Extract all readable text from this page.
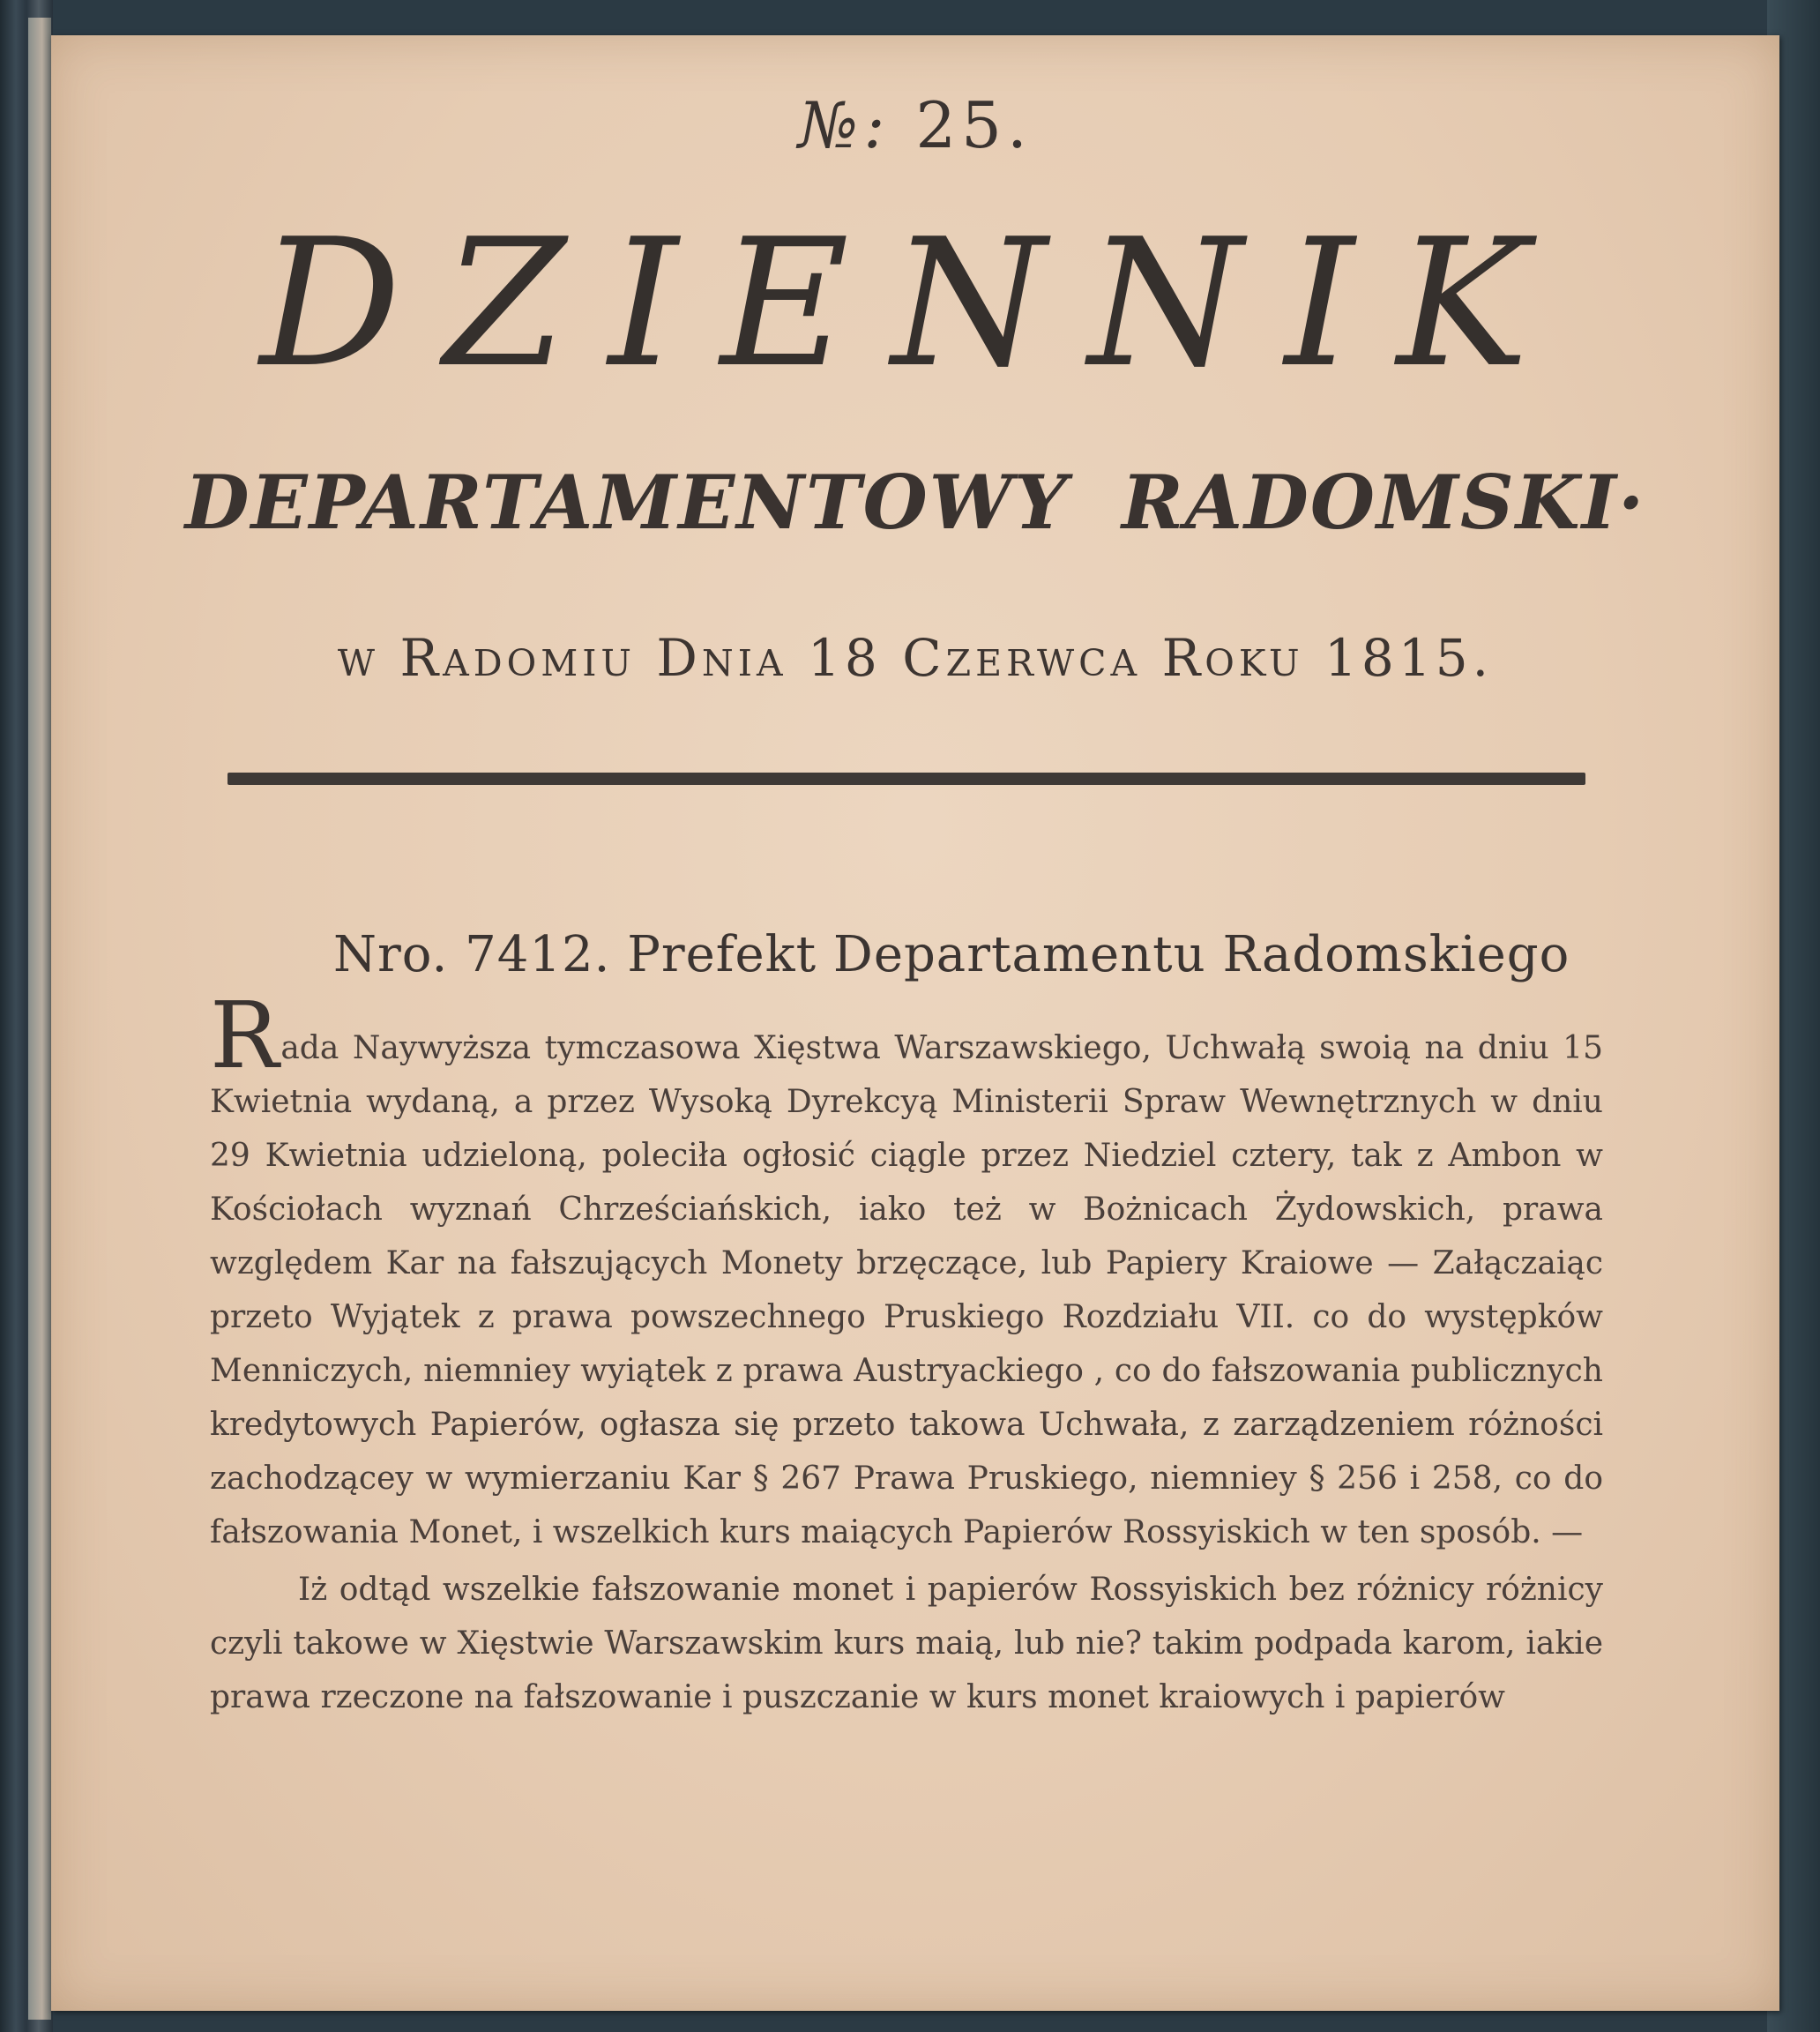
№: 25.
DZIENNIK
DEPARTAMENTOWY RADOMSKI·
w Radomiu Dnia 18 Czerwca Roku 1815.
Nro. 7412. Prefekt Departamentu Radomskiego

Rada Naywyższa tymczasowa Xięstwa Warszawskiego, Uchwałą swoią na dniu 15 Kwietnia wydaną, a przez Wysoką Dyrekcyą Ministerii Spraw Wewnętrznych w dniu 29 Kwietnia udzieloną, poleciła ogłosić ciągle przez Niedziel cztery, tak z Ambon w Kościołach wyznań Chrześciańskich, iako też w Bożnicach Żydowskich, prawa względem Kar na fałszujących Monety brzęczące, lub Papiery Kraiowe — Załączaiąc przeto Wyjątek z prawa powszechnego Pruskiego Rozdziału VII. co do występków Menniczych, niemniey wyiątek z prawa Austryackiego , co do fałszowania publicznych kredytowych Papierów, ogłasza się przeto takowa Uchwała, z zarządzeniem różności zachodzącey w wymierzaniu Kar § 267 Prawa Pruskiego, niemniey § 256 i 258, co do fałszowania Monet, i wszelkich kurs maiących Papierów Rossyiskich w ten sposób. —

Iż odtąd wszelkie fałszowanie monet i papierów Rossyiskich bez różnicy różnicy czyli takowe w Xięstwie Warszawskim kurs maią, lub nie? takim podpada karom, iakie prawa rzeczone na fałszowanie i puszczanie w kurs monet kraiowych i papierów
